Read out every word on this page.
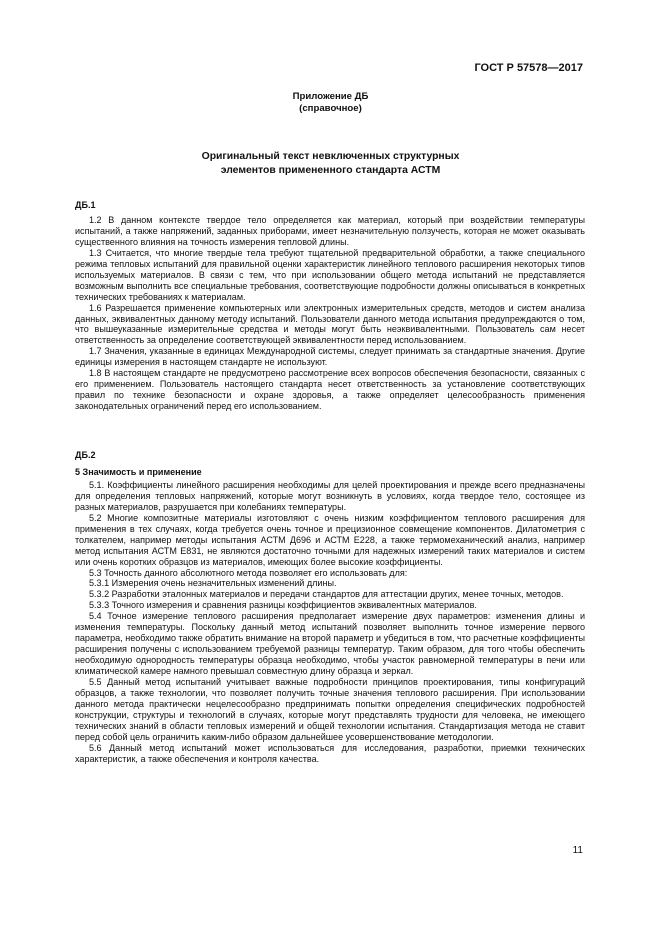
ГОСТ Р 57578—2017
Приложение ДБ
(справочное)
Оригинальный текст невключенных структурных
элементов примененного стандарта АСТМ

ДБ.1

1.2 В данном контексте твердое тело определяется как материал, который при воздействии температуры испытаний, а также напряжений, заданных приборами, имеет незначительную ползучесть, которая не может оказывать существенного влияния на точность измерения тепловой длины.

1.3 Считается, что многие твердые тела требуют тщательной предварительной обработки, а также специального режима тепловых испытаний для правильной оценки характеристик линейного теплового расширения некоторых типов используемых материалов. В связи с тем, что при использовании общего метода испытаний не представляется возможным выполнить все специальные требования, соответствующие подробности должны описываться в конкретных технических требованиях к материалам.

1.6 Разрешается применение компьютерных или электронных измерительных средств, методов и систем анализа данных, эквивалентных данному методу испытаний. Пользователи данного метода испытания предупреждаются о том, что вышеуказанные измерительные средства и методы могут быть неэквивалентными. Пользователь сам несет ответственность за определение соответствующей эквивалентности перед использованием.

1.7 Значения, указанные в единицах Международной системы, следует принимать за стандартные значения. Другие единицы измерения в настоящем стандарте не используют.

1.8 В настоящем стандарте не предусмотрено рассмотрение всех вопросов обеспечения безопасности, связанных с его применением. Пользователь настоящего стандарта несет ответственность за установление соответствующих правил по технике безопасности и охране здоровья, а также определяет целесообразность применения законодательных ограничений перед его использованием.

ДБ.2

5 Значимость и применение

5.1. Коэффициенты линейного расширения необходимы для целей проектирования и прежде всего предназначены для определения тепловых напряжений, которые могут возникнуть в условиях, когда твердое тело, состоящее из разных материалов, разрушается при колебаниях температуры.

5.2 Многие композитные материалы изготовляют с очень низким коэффициентом теплового расширения для применения в тех случаях, когда требуется очень точное и прецизионное совмещение компонентов. Дилатометрия с толкателем, например методы испытания АСТМ Д696 и АСТМ Е228, а также термомеханический анализ, например метод испытания АСТМ Е831, не являются достаточно точными для надежных измерений таких материалов и систем или очень коротких образцов из материалов, имеющих более высокие коэффициенты.

5.3 Точность данного абсолютного метода позволяет его использовать для:

5.3.1 Измерения очень незначительных изменений длины.

5.3.2 Разработки эталонных материалов и передачи стандартов для аттестации других, менее точных, методов.

5.3.3 Точного измерения и сравнения разницы коэффициентов эквивалентных материалов.

5.4 Точное измерение теплового расширения предполагает измерение двух параметров: изменения длины и изменения температуры. Поскольку данный метод испытаний позволяет выполнить точное измерение первого параметра, необходимо также обратить внимание на второй параметр и убедиться в том, что расчетные коэффициенты расширения получены с использованием требуемой разницы температур. Таким образом, для того чтобы обеспечить необходимую однородность температуры образца необходимо, чтобы участок равномерной температуры в печи или климатической камере намного превышал совместную длину образца и зеркал.

5.5 Данный метод испытаний учитывает важные подробности принципов проектирования, типы конфигураций образцов, а также технологии, что позволяет получить точные значения теплового расширения. При использовании данного метода практически нецелесообразно предпринимать попытки определения специфических подробностей конструкции, структуры и технологий в случаях, которые могут представлять трудности для человека, не имеющего технических знаний в области тепловых измерений и общей технологии испытания. Стандартизация метода не ставит перед собой цель ограничить каким-либо образом дальнейшее усовершенствование методологии.

5.6 Данный метод испытаний может использоваться для исследования, разработки, приемки технических характеристик, а также обеспечения и контроля качества.

11
